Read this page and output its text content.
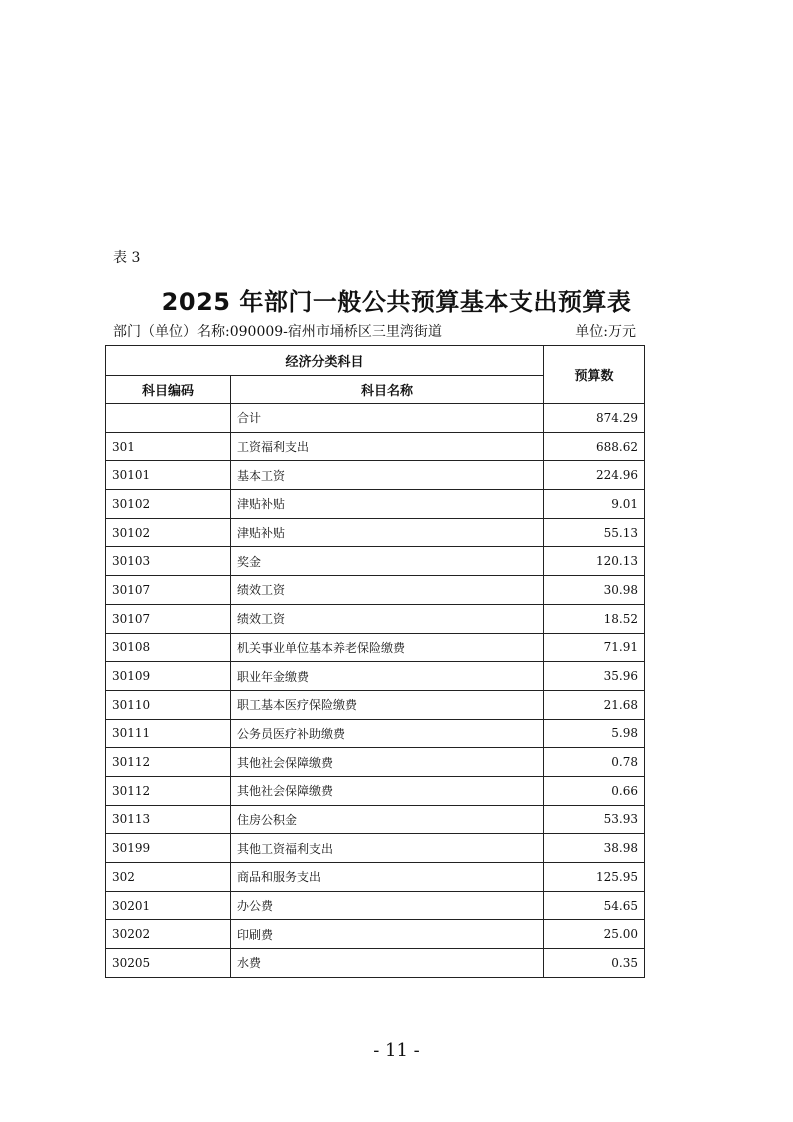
表 3
2025 年部门一般公共预算基本支出预算表
部门（单位）名称:090009-宿州市埇桥区三里湾街道	单位:万元
经济分类科目		预算数
科目编码	科目名称	
	合计	874.29
301	工资福利支出	688.62
30101	基本工资	224.96
30102	津贴补贴	9.01
30102	津贴补贴	55.13
30103	奖金	120.13
30107	绩效工资	30.98
30107	绩效工资	18.52
30108	机关事业单位基本养老保险缴费	71.91
30109	职业年金缴费	35.96
30110	职工基本医疗保险缴费	21.68
30111	公务员医疗补助缴费	5.98
30112	其他社会保障缴费	0.78
30112	其他社会保障缴费	0.66
30113	住房公积金	53.93
30199	其他工资福利支出	38.98
302	商品和服务支出	125.95
30201	办公费	54.65
30202	印刷费	25.00
30205	水费	0.35
- 11 -
